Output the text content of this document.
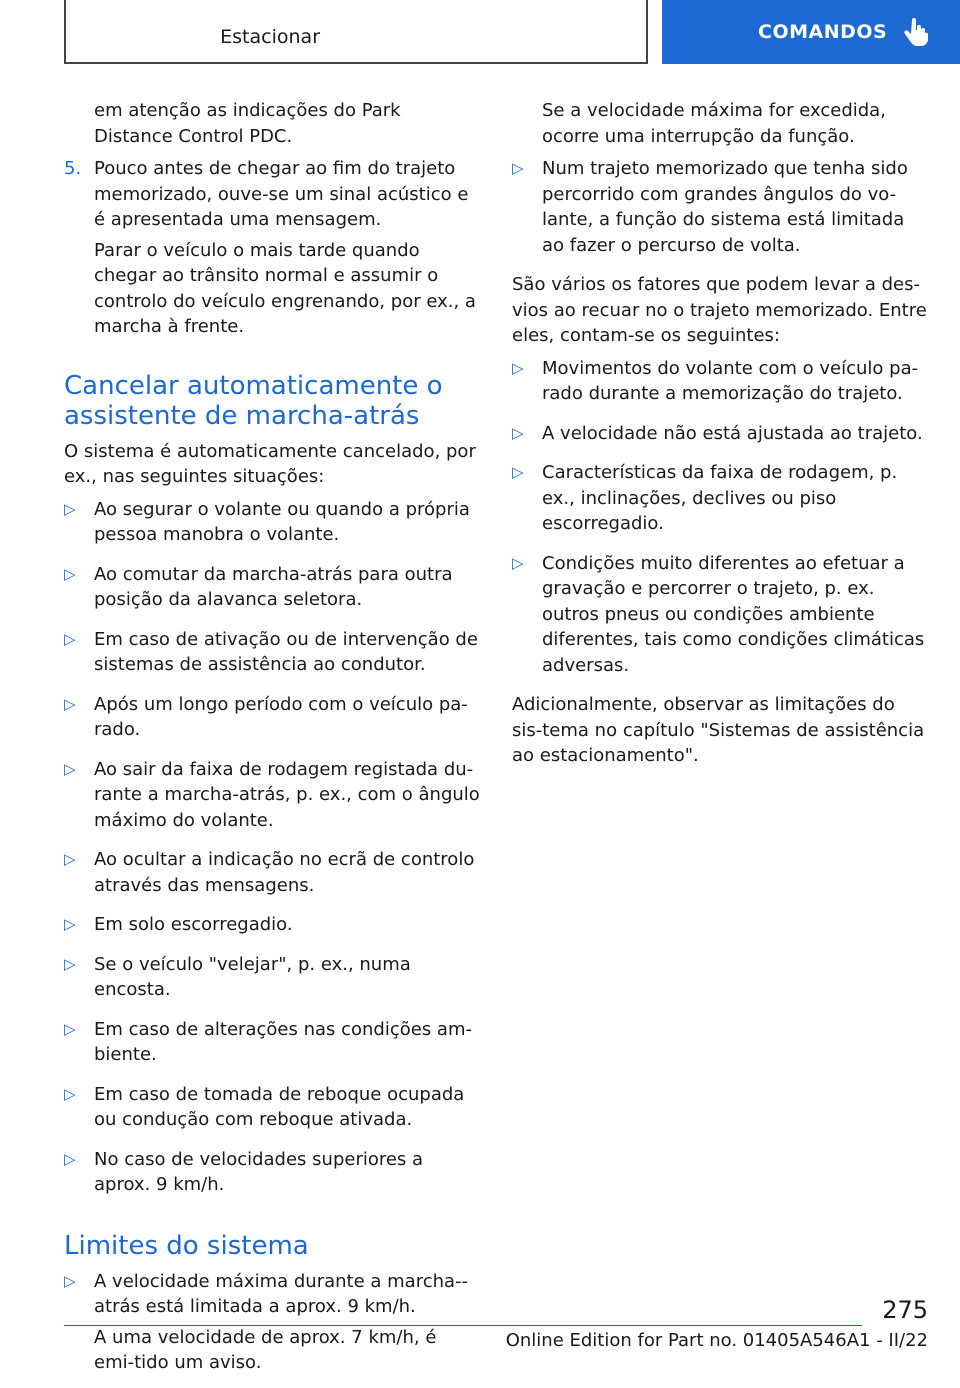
Estacionar	COMANDOS

em atenção as indicações do Park Distance Control PDC.

5. Pouco antes de chegar ao fim do trajeto memorizado, ouve-se um sinal acústico e é apresentada uma mensagem.

Parar o veículo o mais tarde quando chegar ao trânsito normal e assumir o controlo do veículo engrenando, por ex., a marcha à frente.

Cancelar automaticamente o assistente de marcha-atrás

O sistema é automaticamente cancelado, por ex., nas seguintes situações:

▷	Ao segurar o volante ou quando a própria pessoa manobra o volante.

▷	Ao comutar da marcha-atrás para outra posição da alavanca seletora.

▷	Em caso de ativação ou de intervenção de sistemas de assistência ao condutor.

▷	Após um longo período com o veículo pa-rado.

▷	Ao sair da faixa de rodagem registada du-rante a marcha-atrás, p. ex., com o ângulo máximo do volante.

▷	Ao ocultar a indicação no ecrã de controlo através das mensagens.

▷	Em solo escorregadio.

▷	Se o veículo "velejar", p. ex., numa encosta.

▷	Em caso de alterações nas condições am-biente.

▷	Em caso de tomada de reboque ocupada ou condução com reboque ativada.

▷	No caso de velocidades superiores a aprox. 9 km/h.

Limites do sistema
▷	A velocidade máxima durante a marcha--atrás está limitada a aprox. 9 km/h.

A uma velocidade de aprox. 7 km/h, é emi-tido um aviso.

Se a velocidade máxima for excedida, ocorre uma interrupção da função.

▷	Num trajeto memorizado que tenha sido percorrido com grandes ângulos do vo-lante, a função do sistema está limitada ao fazer o percurso de volta.

São vários os fatores que podem levar a des-vios ao recuar no o trajeto memorizado. Entre eles, contam-se os seguintes:

▷	Movimentos do volante com o veículo pa-rado durante a memorização do trajeto.

▷	A velocidade não está ajustada ao trajeto.

▷	Características da faixa de rodagem, p. ex., inclinações, declives ou piso escorregadio.

▷	Condições muito diferentes ao efetuar a gravação e percorrer o trajeto, p. ex. outros pneus ou condições ambiente diferentes, tais como condições climáticas adversas.

Adicionalmente, observar as limitações do sis-tema no capítulo "Sistemas de assistência ao estacionamento".

275
Online Edition for Part no. 01405A546A1 - II/22
